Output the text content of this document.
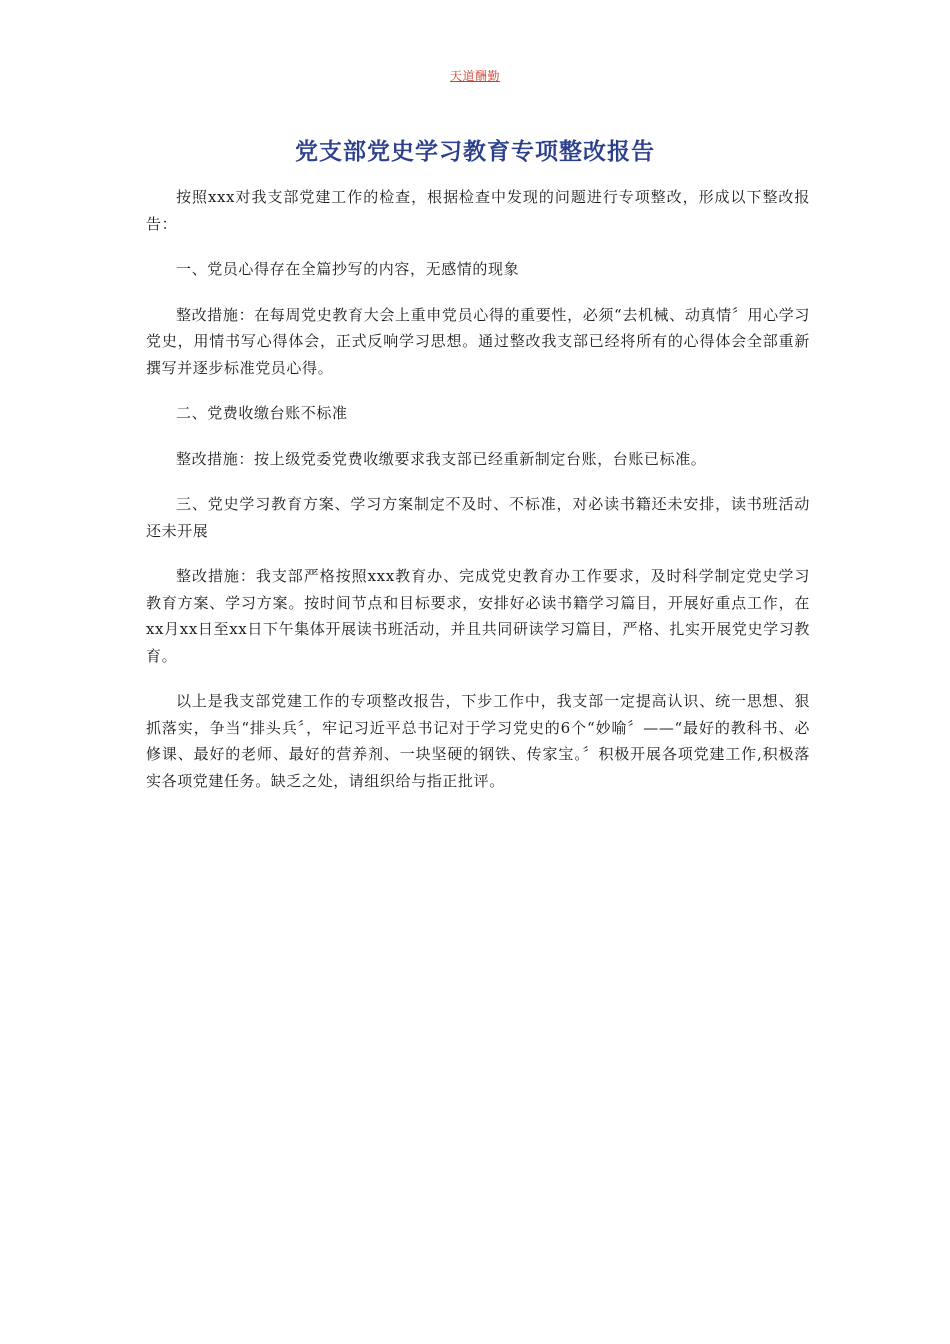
天道酬勤
党支部党史学习教育专项整改报告

按照xxx对我支部党建工作的检查，根据检查中发现的问题进行专项整改，形成以下整改报告：

一、党员心得存在全篇抄写的内容，无感情的现象

整改措施：在每周党史教育大会上重申党员心得的重要性，必须“去机械、动真情〞用心学习党史，用情书写心得体会，正式反响学习思想。通过整改我支部已经将所有的心得体会全部重新撰写并逐步标准党员心得。

二、党费收缴台账不标准

整改措施：按上级党委党费收缴要求我支部已经重新制定台账，台账已标准。

三、党史学习教育方案、学习方案制定不及时、不标准，对必读书籍还未安排，读书班活动还未开展

整改措施：我支部严格按照xxx教育办、完成党史教育办工作要求，及时科学制定党史学习教育方案、学习方案。按时间节点和目标要求，安排好必读书籍学习篇目，开展好重点工作，在xx月xx日至xx日下午集体开展读书班活动，并且共同研读学习篇目，严格、扎实开展党史学习教育。

以上是我支部党建工作的专项整改报告，下步工作中，我支部一定提高认识、统一思想、狠抓落实，争当“排头兵〞，牢记习近平总书记对于学习党史的6个“妙喻〞——“最好的教科书、必修课、最好的老师、最好的营养剂、一块坚硬的钢铁、传家宝。〞积极开展各项党建工作,积极落实各项党建任务。缺乏之处，请组织给与指正批评。
